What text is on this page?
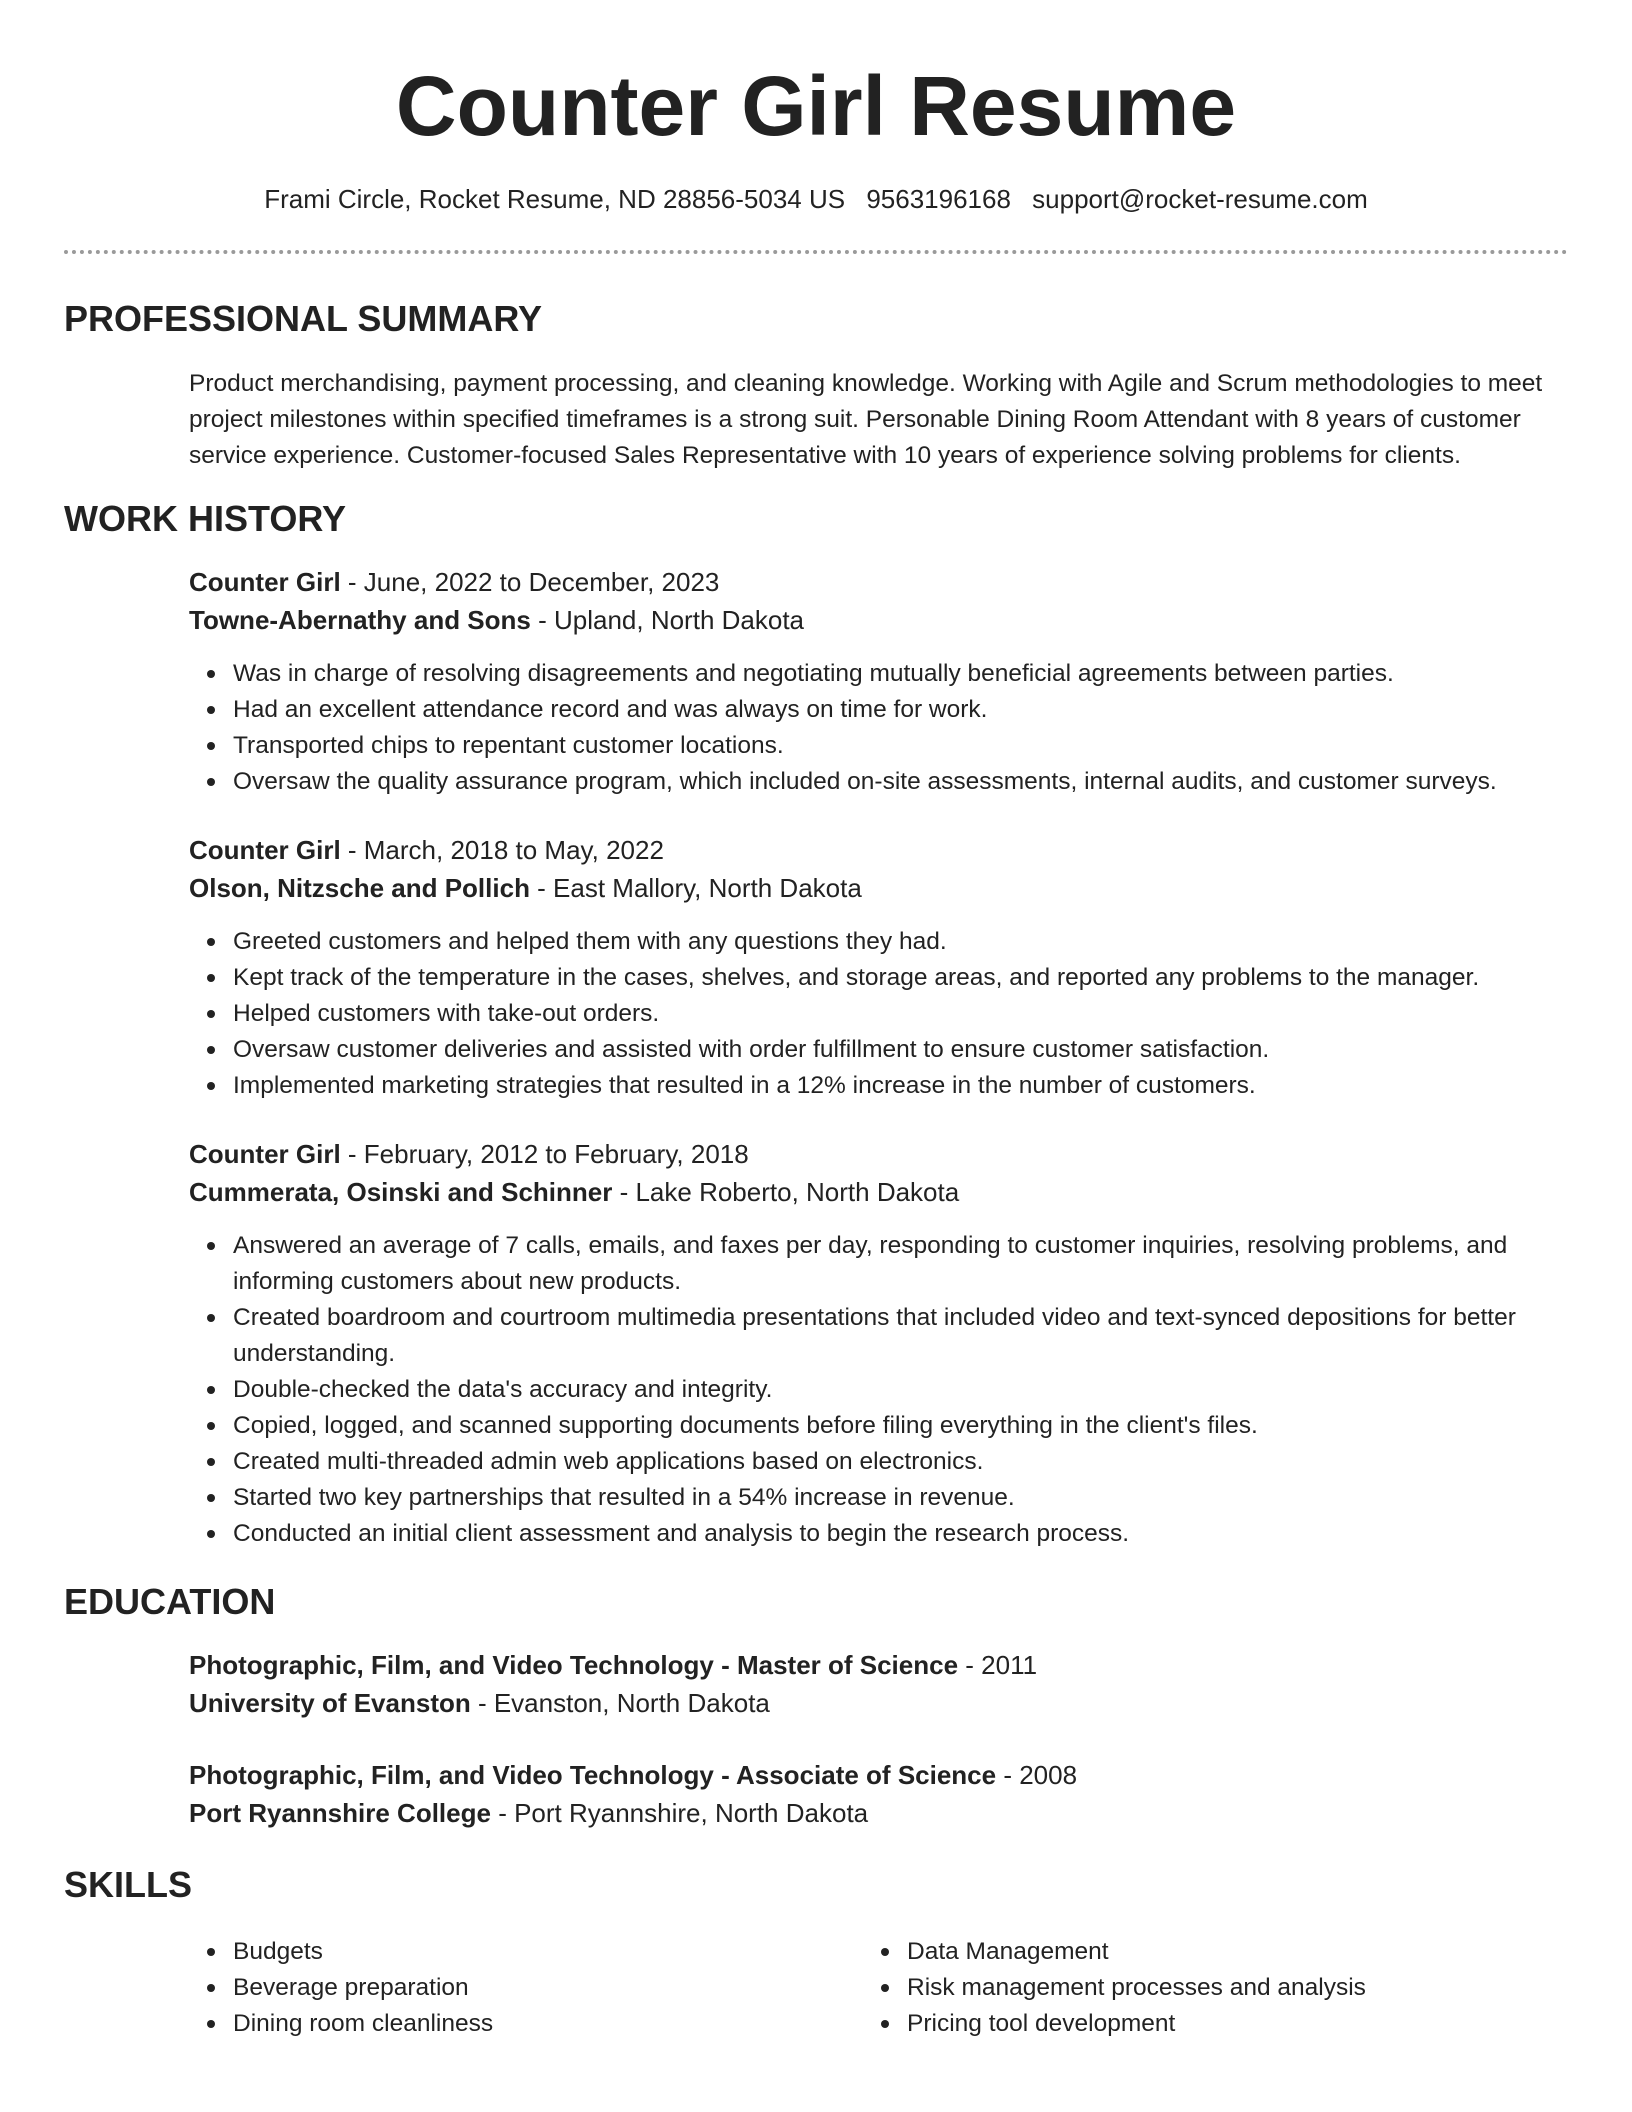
Counter Girl Resume
Frami Circle, Rocket Resume, ND 28856-5034 US 9563196168 support@rocket-resume.com
PROFESSIONAL SUMMARY
Product merchandising, payment processing, and cleaning knowledge. Working with Agile and Scrum methodologies to meet project milestones within specified timeframes is a strong suit. Personable Dining Room Attendant with 8 years of customer service experience. Customer-focused Sales Representative with 10 years of experience solving problems for clients.
WORK HISTORY
Counter Girl - June, 2022 to December, 2023
Towne-Abernathy and Sons - Upland, North Dakota
Was in charge of resolving disagreements and negotiating mutually beneficial agreements between parties.
Had an excellent attendance record and was always on time for work.
Transported chips to repentant customer locations.
Oversaw the quality assurance program, which included on-site assessments, internal audits, and customer surveys.
Counter Girl - March, 2018 to May, 2022
Olson, Nitzsche and Pollich - East Mallory, North Dakota
Greeted customers and helped them with any questions they had.
Kept track of the temperature in the cases, shelves, and storage areas, and reported any problems to the manager.
Helped customers with take-out orders.
Oversaw customer deliveries and assisted with order fulfillment to ensure customer satisfaction.
Implemented marketing strategies that resulted in a 12% increase in the number of customers.
Counter Girl - February, 2012 to February, 2018
Cummerata, Osinski and Schinner - Lake Roberto, North Dakota
Answered an average of 7 calls, emails, and faxes per day, responding to customer inquiries, resolving problems, and informing customers about new products.
Created boardroom and courtroom multimedia presentations that included video and text-synced depositions for better understanding.
Double-checked the data's accuracy and integrity.
Copied, logged, and scanned supporting documents before filing everything in the client's files.
Created multi-threaded admin web applications based on electronics.
Started two key partnerships that resulted in a 54% increase in revenue.
Conducted an initial client assessment and analysis to begin the research process.
EDUCATION
Photographic, Film, and Video Technology - Master of Science - 2011
University of Evanston - Evanston, North Dakota
Photographic, Film, and Video Technology - Associate of Science - 2008
Port Ryannshire College - Port Ryannshire, North Dakota
SKILLS
Budgets
Beverage preparation
Dining room cleanliness
Data Management
Risk management processes and analysis
Pricing tool development
